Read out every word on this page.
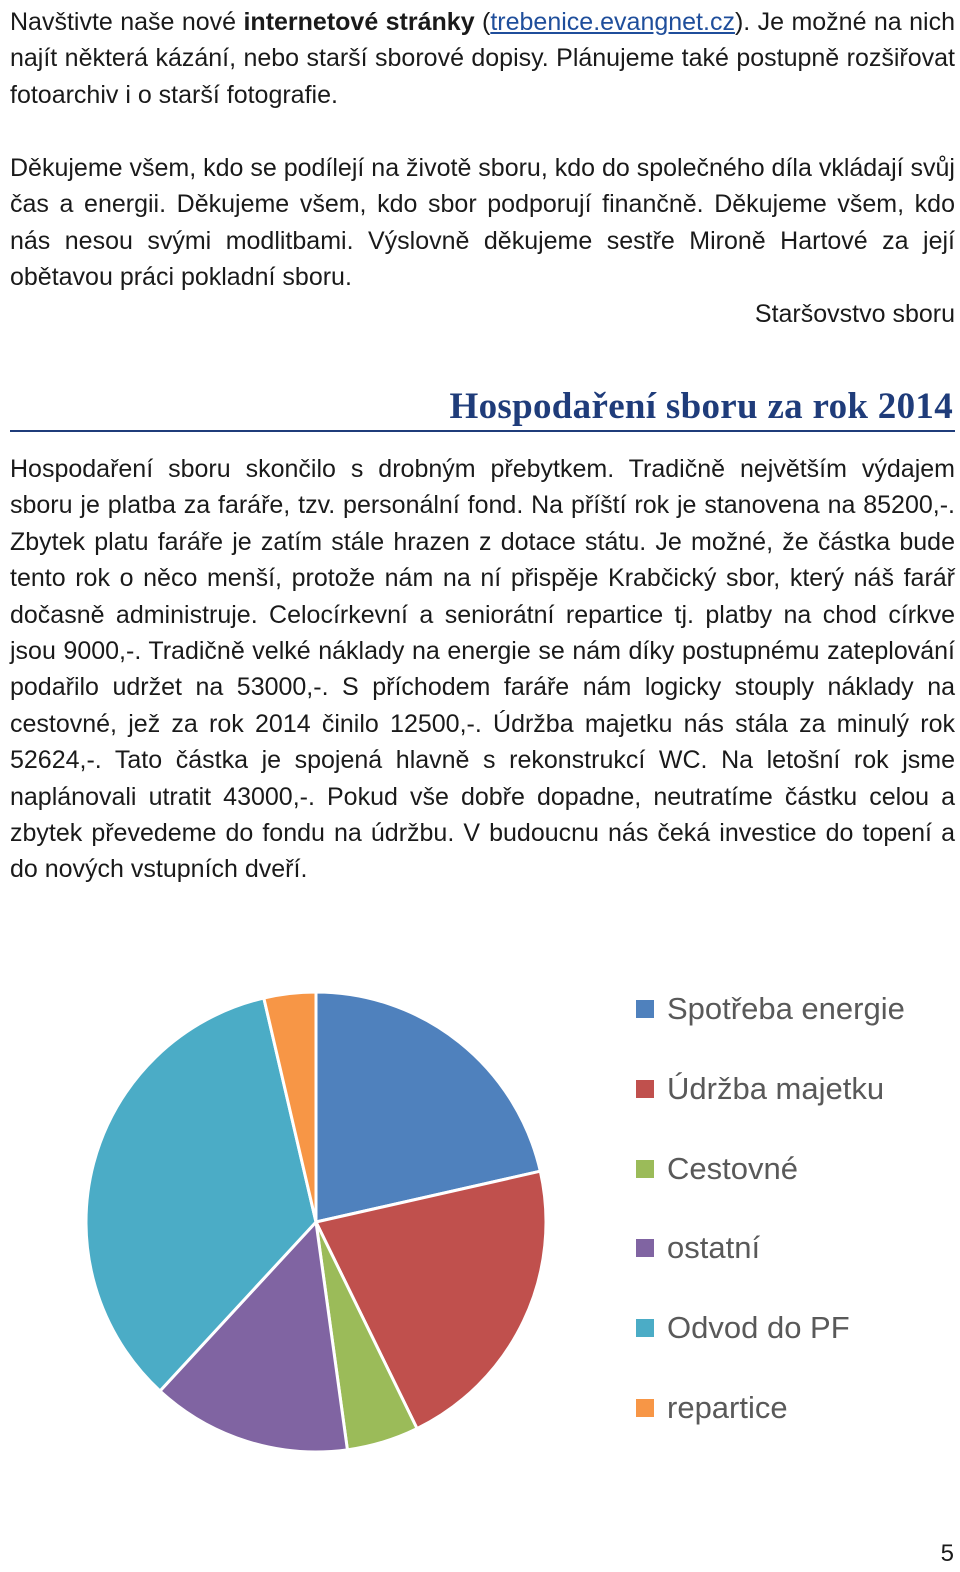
Navštivte naše nové internetové stránky (trebenice.evangnet.cz). Je možné na nich najít některá kázání, nebo starší sborové dopisy. Plánujeme také postupně rozšiřovat fotoarchiv i o starší fotografie.

Děkujeme všem, kdo se podílejí na životě sboru, kdo do společného díla vkládají svůj čas a energii. Děkujeme všem, kdo sbor podporují finančně. Děkujeme všem, kdo nás nesou svými modlitbami. Výslovně děkujeme sestře Mironě Hartové za její obětavou práci pokladní sboru.

Staršovstvo sboru

Hospodaření sboru za rok 2014

Hospodaření sboru skončilo s drobným přebytkem. Tradičně největším výdajem sboru je platba za faráře, tzv. personální fond. Na příští rok je stanovena na 85200,-. Zbytek platu faráře je zatím stále hrazen z dotace státu. Je možné, že částka bude tento rok o něco menší, protože nám na ní přispěje Krabčický sbor, který náš farář dočasně administruje. Celocírkevní a seniorátní repartice tj. platby na chod církve jsou 9000,-. Tradičně velké náklady na energie se nám díky postupnému zateplování podařilo udržet na 53000,-. S příchodem faráře nám logicky stouply náklady na cestovné, jež za rok 2014 činilo 12500,-. Údržba majetku nás stála za minulý rok 52624,-. Tato částka je spojená hlavně s rekonstrukcí WC. Na letošní rok jsme naplánovali utratit 43000,-. Pokud vše dobře dopadne, neutratíme částku celou a zbytek převedeme do fondu na údržbu. V budoucnu nás čeká investice do topení a do nových vstupních dveří.

Spotřeba energie
Údržba majetku
Cestovné
ostatní
Odvod do PF
repartice

5
